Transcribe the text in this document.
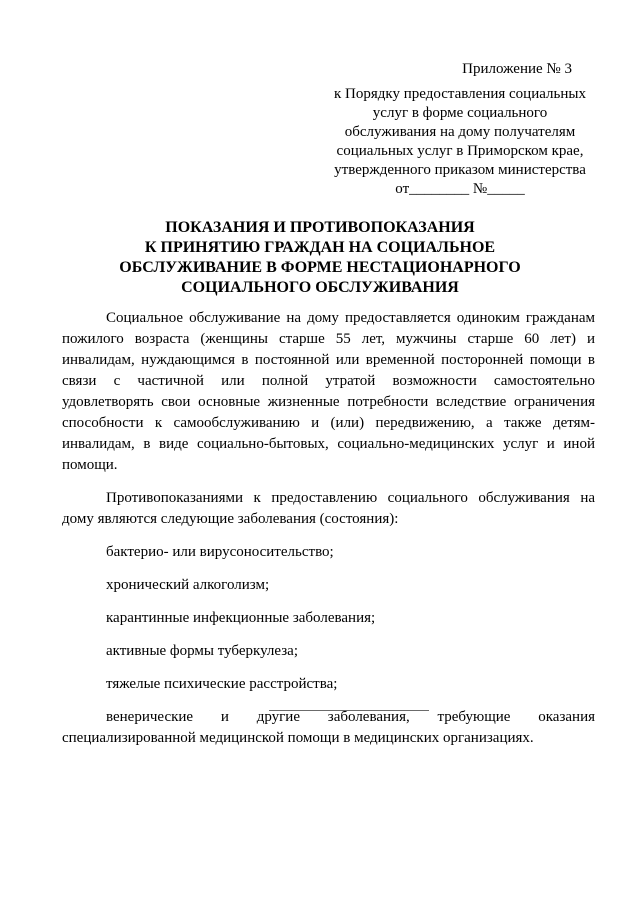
Приложение № 3
к Порядку предоставления социальных
услуг в форме социального
обслуживания на дому получателям
социальных услуг в Приморском крае,
утвержденного приказом министерства
от________ №_____
ПОКАЗАНИЯ И ПРОТИВОПОКАЗАНИЯ
К ПРИНЯТИЮ ГРАЖДАН НА СОЦИАЛЬНОЕ
ОБСЛУЖИВАНИЕ В ФОРМЕ НЕСТАЦИОНАРНОГО
СОЦИАЛЬНОГО ОБСЛУЖИВАНИЯ

Социальное обслуживание на дому предоставляется одиноким гражданам пожилого возраста (женщины старше 55 лет, мужчины старше 60 лет) и инвалидам, нуждающимся в постоянной или временной посторонней помощи в связи с частичной или полной утратой возможности самостоятельно удовлетворять свои основные жизненные потребности вследствие ограничения способности к самообслуживанию и (или) передвижению, а также детям-инвалидам, в виде социально-бытовых, социально-медицинских услуг и иной помощи.

Противопоказаниями к предоставлению социального обслуживания на дому являются следующие заболевания (состояния):

бактерио- или вирусоносительство;

хронический алкоголизм;

карантинные инфекционные заболевания;

активные формы туберкулеза;

тяжелые психические расстройства;

венерические и другие заболевания, требующие оказания специализированной медицинской помощи в медицинских организациях.
